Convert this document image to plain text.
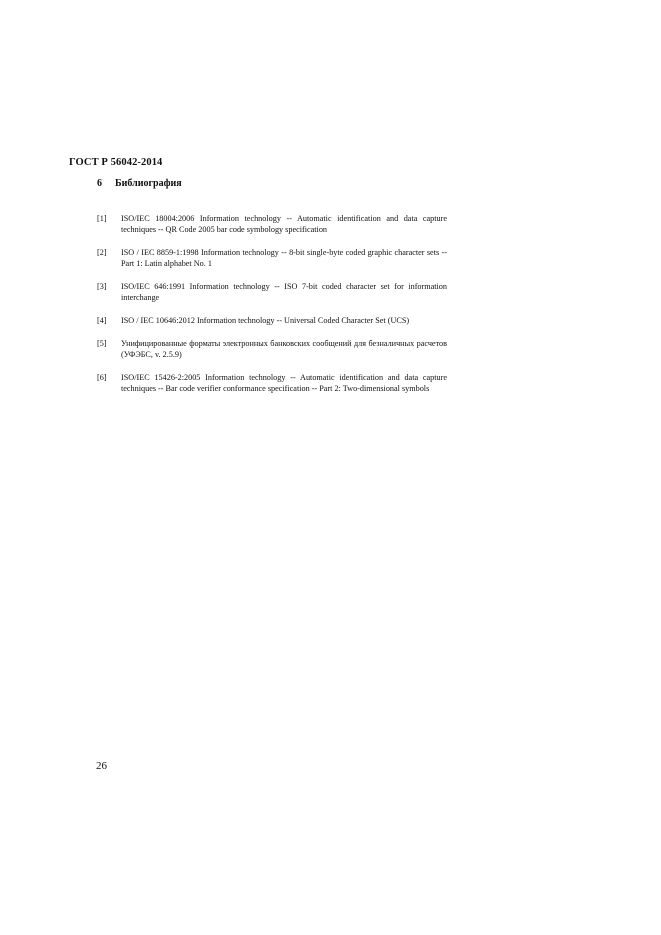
ГОСТ Р 56042-2014
6 Библиография
[1]	ISO/IEC 18004:2006 Information technology -- Automatic identification and data capture techniques -- QR Code 2005 bar code symbology specification
[2]	ISO / IEC 8859-1:1998 Information technology -- 8-bit single-byte coded graphic character sets -- Part 1: Latin alphabet No. 1
[3]	ISO/IEC 646:1991 Information technology -- ISO 7-bit coded character set for information interchange
[4]	ISO / IEC 10646:2012 Information technology -- Universal Coded Character Set (UCS)
[5]	Унифицированные форматы электронных банковских сообщений для безналичных расчетов (УФЭБС, v. 2.5.9)
[6]	ISO/IEC 15426-2:2005 Information technology -- Automatic identification and data capture techniques -- Bar code verifier conformance specification -- Part 2: Two-dimensional symbols
26
